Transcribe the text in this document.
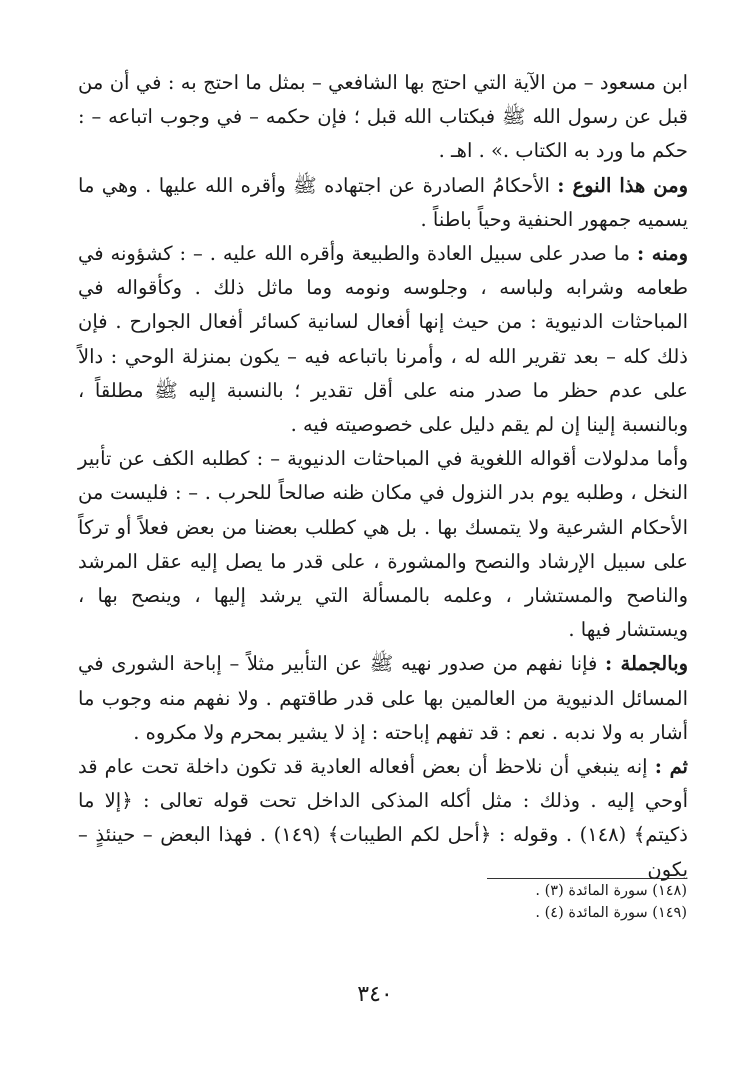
ابن مسعود – من الآية التي احتج بها الشافعي – بمثل ما احتج به : في أن من قبل عن رسول الله ﷺ فبكتاب الله قبل ؛ فإن حكمه – في وجوب اتباعه – : حكم ما ورد به الكتاب .» . اهـ .

ومن هذا النوع : الأحكامُ الصادرة عن اجتهاده ﷺ وأقره الله عليها . وهي ما يسميه جمهور الحنفية وحياً باطناً .

ومنه : ما صدر على سبيل العادة والطبيعة وأقره الله عليه . – : كشؤونه في طعامه وشرابه ولباسه ، وجلوسه ونومه وما ماثل ذلك . وكأقواله في المباحثات الدنيوية : من حيث إنها أفعال لسانية كسائر أفعال الجوارح . فإن ذلك كله – بعد تقرير الله له ، وأمرنا باتباعه فيه – يكون بمنزلة الوحي : دالاً على عدم حظر ما صدر منه على أقل تقدير ؛ بالنسبة إليه ﷺ مطلقاً ، وبالنسبة إلينا إن لم يقم دليل على خصوصيته فيه .

وأما مدلولات أقواله اللغوية في المباحثات الدنيوية – : كطلبه الكف عن تأبير النخل ، وطلبه يوم بدر النزول في مكان ظنه صالحاً للحرب . – : فليست من الأحكام الشرعية ولا يتمسك بها . بل هي كطلب بعضنا من بعض فعلاً أو تركاً على سبيل الإرشاد والنصح والمشورة ، على قدر ما يصل إليه عقل المرشد والناصح والمستشار ، وعلمه بالمسألة التي يرشد إليها ، وينصح بها ، ويستشار فيها .

وبالجملة : فإنا نفهم من صدور نهيه ﷺ عن التأبير مثلاً – إباحة الشورى في المسائل الدنيوية من العالمين بها على قدر طاقتهم . ولا نفهم منه وجوب ما أشار به ولا ندبه . نعم : قد تفهم إباحته : إذ لا يشير بمحرم ولا مكروه .

ثم : إنه ينبغي أن نلاحظ أن بعض أفعاله العادية قد تكون داخلة تحت عام قد أوحي إليه . وذلك : مثل أكله المذكى الداخل تحت قوله تعالى : ﴿إلا ما ذكيتم﴾ (١٤٨) . وقوله : ﴿أحل لكم الطيبات﴾ (١٤٩) . فهذا البعض – حينئذٍ – يكون

(١٤٨) سورة المائدة (٣) .
(١٤٩) سورة المائدة (٤) .
٣٤٠
